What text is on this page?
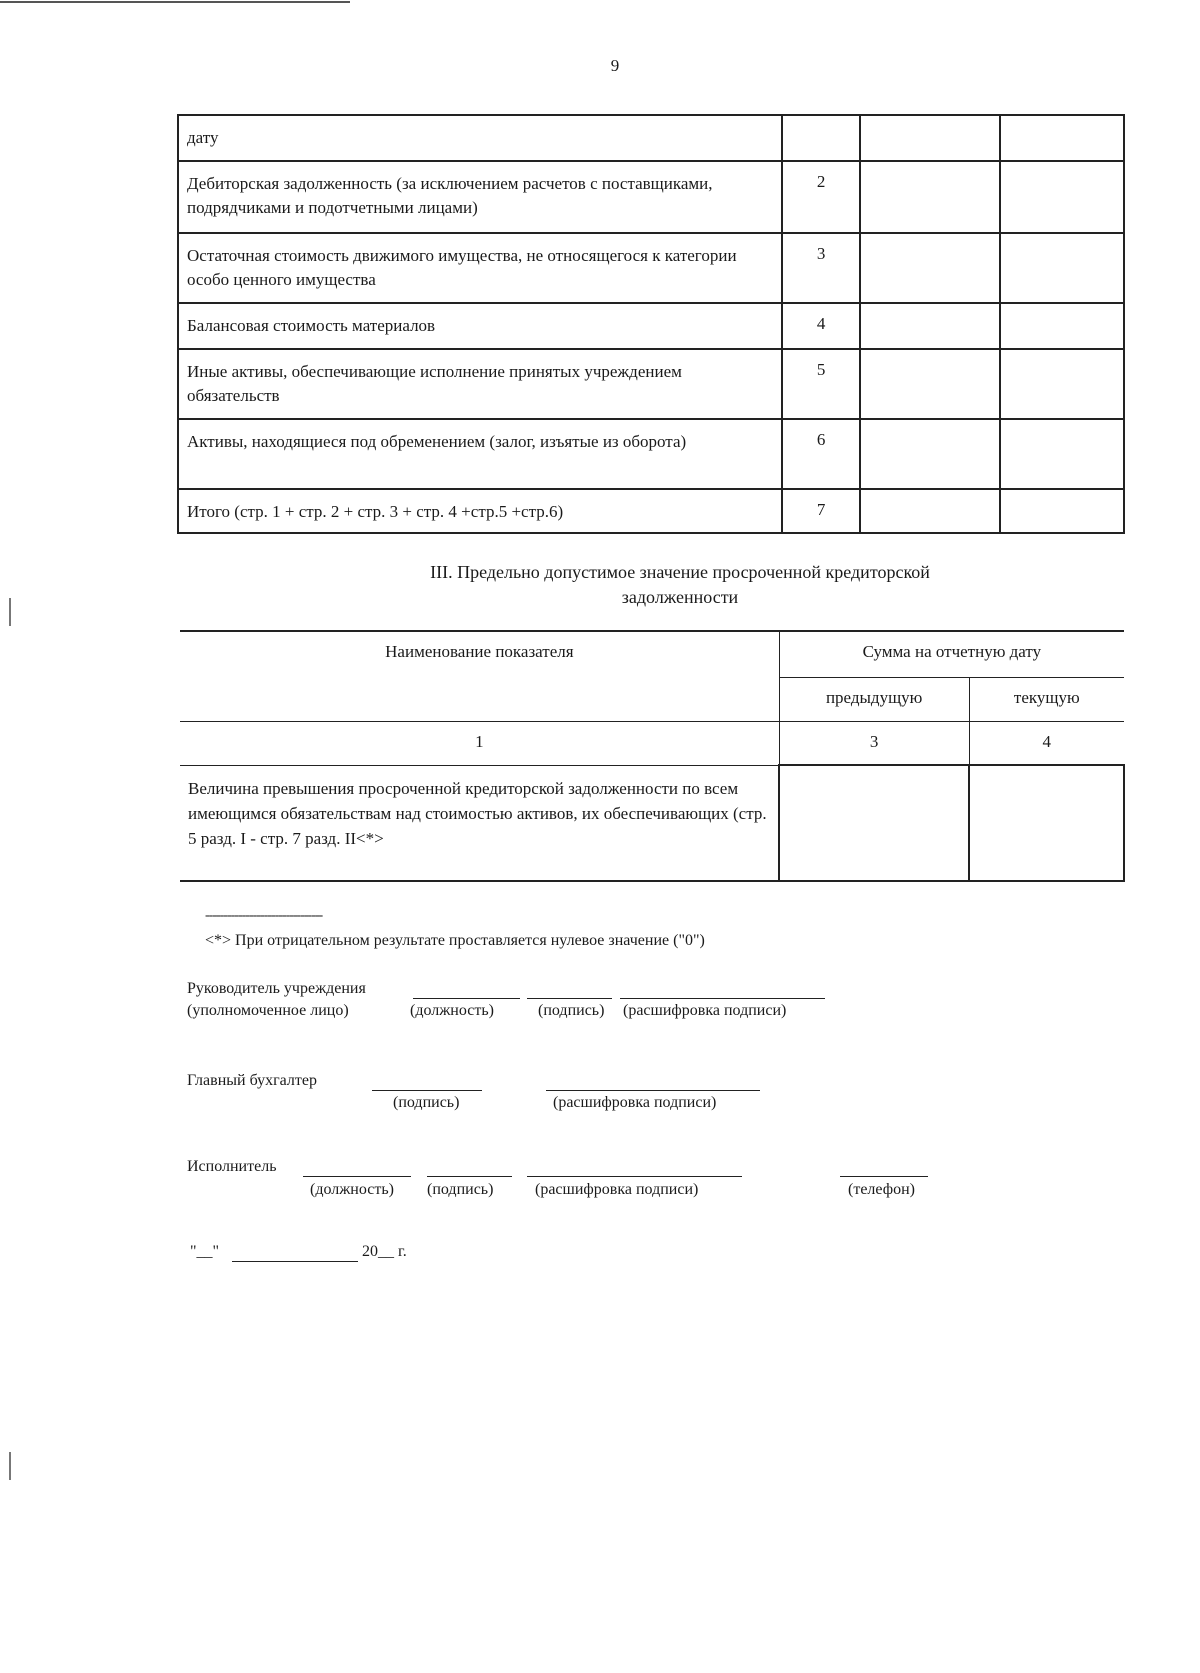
9
дату			
Дебиторская задолженность (за исключением расчетов с поставщиками, подрядчиками и подотчетными лицами)	2		
Остаточная стоимость движимого имущества, не относящегося к категории особо ценного имущества	3		
Балансовая стоимость материалов	4		
Иные активы, обеспечивающие исполнение принятых учреждением обязательств	5		
Активы, находящиеся под обременением (залог, изъятые из оборота)	6		
Итого (стр. 1 + стр. 2 + стр. 3 + стр. 4 +стр.5 +стр.6)	7		
III. Предельно допустимое значение просроченной кредиторской
задолженности
Наименование показателя	Сумма на отчетную дату	
	предыдущую	текущую
1	3	4
Величина превышения просроченной кредиторской задолженности по всем имеющимся обязательствам над стоимостью активов, их обеспечивающих (стр. 5 разд. I - стр. 7 разд. II<*>		
--------------------------------
<*> При отрицательном результате проставляется нулевое значение ("0")
Руководитель учреждения
(уполномоченное лицо)	(должность)	(подпись) (расшифровка подписи)
Главный бухгалтер
(подпись)	(расшифровка подписи)
Исполнитель
(должность) (подпись)	(расшифровка подписи)	(телефон)
"__"	20__ г.
